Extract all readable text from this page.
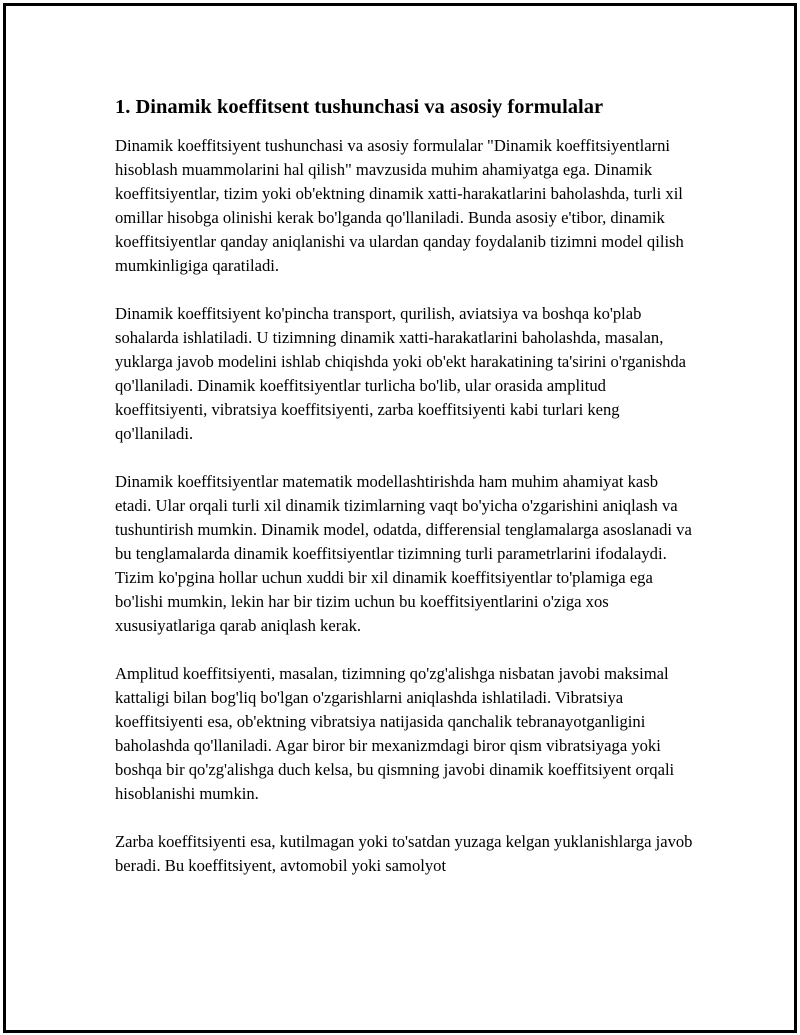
1. Dinamik koeffitsent tushunchasi va asosiy formulalar

Dinamik koeffitsiyent tushunchasi va asosiy formulalar "Dinamik koeffitsiyentlarni hisoblash muammolarini hal qilish" mavzusida muhim ahamiyatga ega. Dinamik koeffitsiyentlar, tizim yoki ob'ektning dinamik xatti-harakatlarini baholashda, turli xil omillar hisobga olinishi kerak bo'lganda qo'llaniladi. Bunda asosiy e'tibor, dinamik koeffitsiyentlar qanday aniqlanishi va ulardan qanday foydalanib tizimni model qilish mumkinligiga qaratiladi.

Dinamik koeffitsiyent ko'pincha transport, qurilish, aviatsiya va boshqa ko'plab sohalarda ishlatiladi. U tizimning dinamik xatti-harakatlarini baholashda, masalan, yuklarga javob modelini ishlab chiqishda yoki ob'ekt harakatining ta'sirini o'rganishda qo'llaniladi. Dinamik koeffitsiyentlar turlicha bo'lib, ular orasida amplitud koeffitsiyenti, vibratsiya koeffitsiyenti, zarba koeffitsiyenti kabi turlari keng qo'llaniladi.

Dinamik koeffitsiyentlar matematik modellashtirishda ham muhim ahamiyat kasb etadi. Ular orqali turli xil dinamik tizimlarning vaqt bo'yicha o'zgarishini aniqlash va tushuntirish mumkin. Dinamik model, odatda, differensial tenglamalarga asoslanadi va bu tenglamalarda dinamik koeffitsiyentlar tizimning turli parametrlarini ifodalaydi. Tizim ko'pgina hollar uchun xuddi bir xil dinamik koeffitsiyentlar to'plamiga ega bo'lishi mumkin, lekin har bir tizim uchun bu koeffitsiyentlarini o'ziga xos xususiyatlariga qarab aniqlash kerak.

Amplitud koeffitsiyenti, masalan, tizimning qo'zg'alishga nisbatan javobi maksimal kattaligi bilan bog'liq bo'lgan o'zgarishlarni aniqlashda ishlatiladi. Vibratsiya koeffitsiyenti esa, ob'ektning vibratsiya natijasida qanchalik tebranayotganligini baholashda qo'llaniladi. Agar biror bir mexanizmdagi biror qism vibratsiyaga yoki boshqa bir qo'zg'alishga duch kelsa, bu qismning javobi dinamik koeffitsiyent orqali hisoblanishi mumkin.

Zarba koeffitsiyenti esa, kutilmagan yoki to'satdan yuzaga kelgan yuklanishlarga javob beradi. Bu koeffitsiyent, avtomobil yoki samolyot
